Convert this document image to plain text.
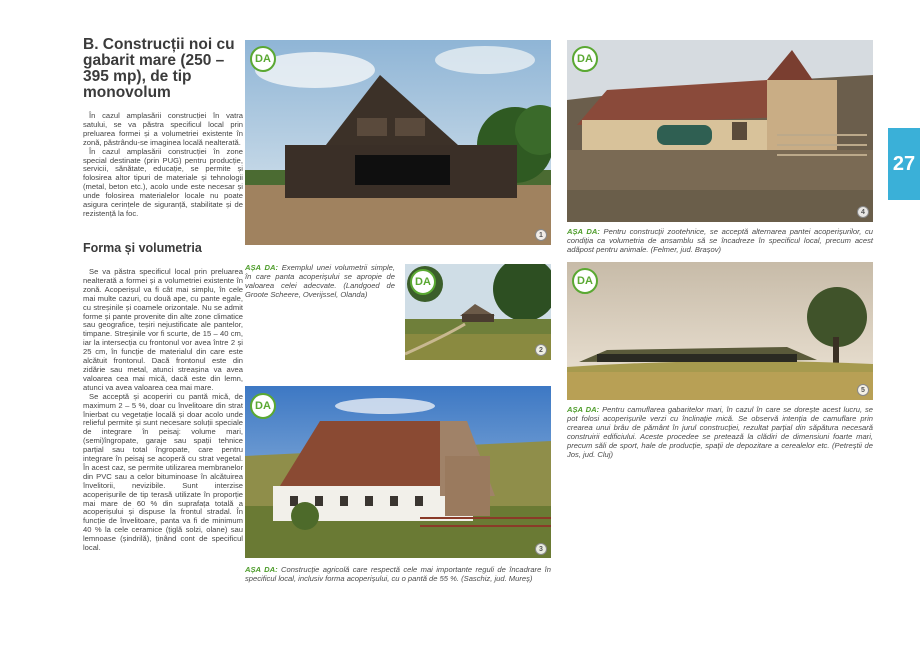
B. Construcții noi cu gabarit mare (250 – 395 mp), de tip monovolum

În cazul amplasării construcției în vatra satului, se va păstra specificul local prin preluarea formei și a volumetriei existente în zonă, păstrându-se imaginea locală nealterată.

În cazul amplasării construcției în zone special destinate (prin PUG) pentru producție, servicii, sănătate, educație, se permite și folosirea altor tipuri de materiale și tehnologii (metal, beton etc.), acolo unde este necesar și unde folosirea materialelor locale nu poate asigura cerințele de siguranță, stabilitate și de rezistență la foc.

Forma și volumetria

Se va păstra specificul local prin preluarea nealterată a formei și a volumetriei existente în zonă. Acoperișul va fi cât mai simplu, în cele mai multe cazuri, cu două ape, cu pante egale, cu streșinile și coamele orizontale. Nu se admit forme și pante provenite din alte zone climatice sau geografice, teșiri nejustificate ale pantelor, timpane. Streșinile vor fi scurte, de 15 – 40 cm, iar la intersecția cu frontonul vor avea între 2 și 25 cm, în funcție de materialul din care este alcătuit frontonul. Dacă frontonul este din zidărie sau metal, atunci streașina va avea valoarea cea mai mică, dacă este din lemn, atunci va avea valoarea cea mai mare.

Se acceptă și acoperiri cu pantă mică, de maximum 2 – 5 %, doar cu învelitoare din strat înierbat cu vegetație locală și doar acolo unde relieful permite și sunt necesare soluții speciale de integrare în peisaj: volume mari, (semi)îngropate, garaje sau spații tehnice parțial sau total îngropate, care pentru integrare în peisaj se acoperă cu strat vegetal. În acest caz, se permite utilizarea membranelor din PVC sau a celor bituminoase în alcătuirea învelitorii, nevizibile. Sunt interzise acoperișurile de tip terasă utilizate în proporție mai mare de 60 % din suprafața totală a acoperișului și dispuse la frontul stradal. În funcție de învelitoare, panta va fi de minimum 40 % la cele ceramice (țiglă solzi, olane) sau lemnoase (șindrilă), ținând cont de specificul local.

DA
1

AȘA DA: Exemplul unei volumetrii simple, în care panta acoperișului se apropie de valoarea celei adecvate. (Landgoed de Groote Scheere, Overijssel, Olanda)

DA
2
DA
3

AȘA DA: Construcție agricolă care respectă cele mai importante reguli de încadrare în specificul local, inclusiv forma acoperișului, cu o pantă de 55 %. (Saschiz, jud. Mureș)

DA
4

AȘA DA: Pentru construcții zootehnice, se acceptă alternarea pantei acoperișurilor, cu condiția ca volumetria de ansamblu să se încadreze în specificul local, precum acest adăpost pentru animale. (Felmer, jud. Brașov)

DA
5

AȘA DA: Pentru camuflarea gabaritelor mari, în cazul în care se dorește acest lucru, se pot folosi acoperișurile verzi cu înclinație mică. Se observă intenția de camuflare prin crearea unui brâu de pământ în jurul construcției, rezultat parțial din săpătura necesară construirii edificiului. Aceste procedee se pretează la clădiri de dimensiuni foarte mari, precum săli de sport, hale de producție, spații de depozitare a cerealelor etc. (Petreștii de Jos, jud. Cluj)

27
